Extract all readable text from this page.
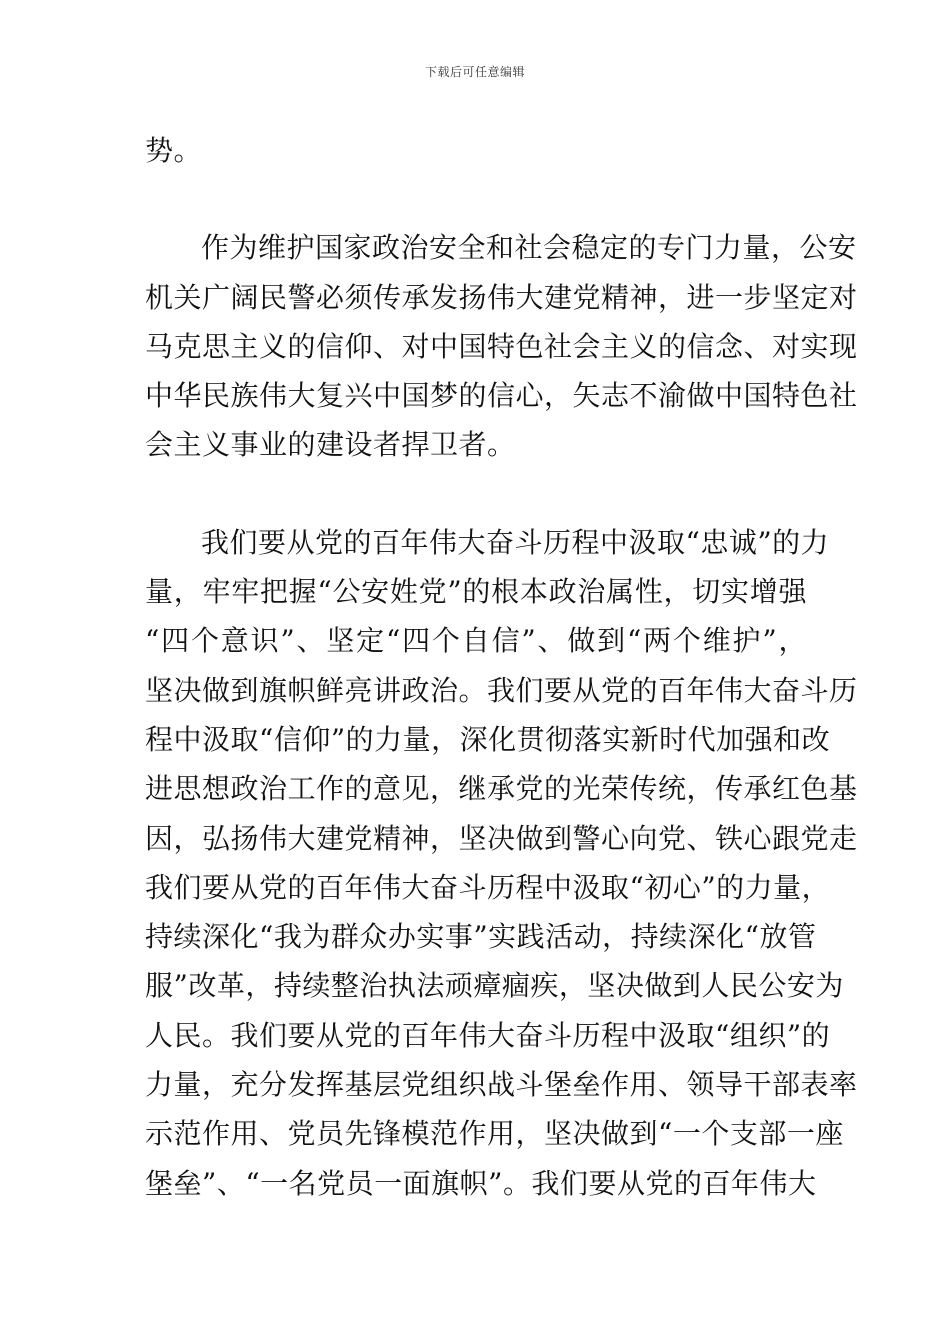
下载后可任意编辑
势。
作为维护国家政治安全和社会稳定的专门力量，公安
机关广阔民警必须传承发扬伟大建党精神，进一步坚定对
马克思主义的信仰、对中国特色社会主义的信念、对实现
中华民族伟大复兴中国梦的信心，矢志不渝做中国特色社
会主义事业的建设者捍卫者。
我们要从党的百年伟大奋斗历程中汲取“忠诚”的力
量，牢牢把握“公安姓党”的根本政治属性，切实增强
“四个意识”、坚定“四个自信”、做到“两个维护”，
坚决做到旗帜鲜亮讲政治。我们要从党的百年伟大奋斗历
程中汲取“信仰”的力量，深化贯彻落实新时代加强和改
进思想政治工作的意见，继承党的光荣传统，传承红色基
因，弘扬伟大建党精神，坚决做到警心向党、铁心跟党走
我们要从党的百年伟大奋斗历程中汲取“初心”的力量，
持续深化“我为群众办实事”实践活动，持续深化“放管
服”改革，持续整治执法顽瘴痼疾，坚决做到人民公安为
人民。我们要从党的百年伟大奋斗历程中汲取“组织”的
力量，充分发挥基层党组织战斗堡垒作用、领导干部表率
示范作用、党员先锋模范作用，坚决做到“一个支部一座
堡垒”、“一名党员一面旗帜”。我们要从党的百年伟大
